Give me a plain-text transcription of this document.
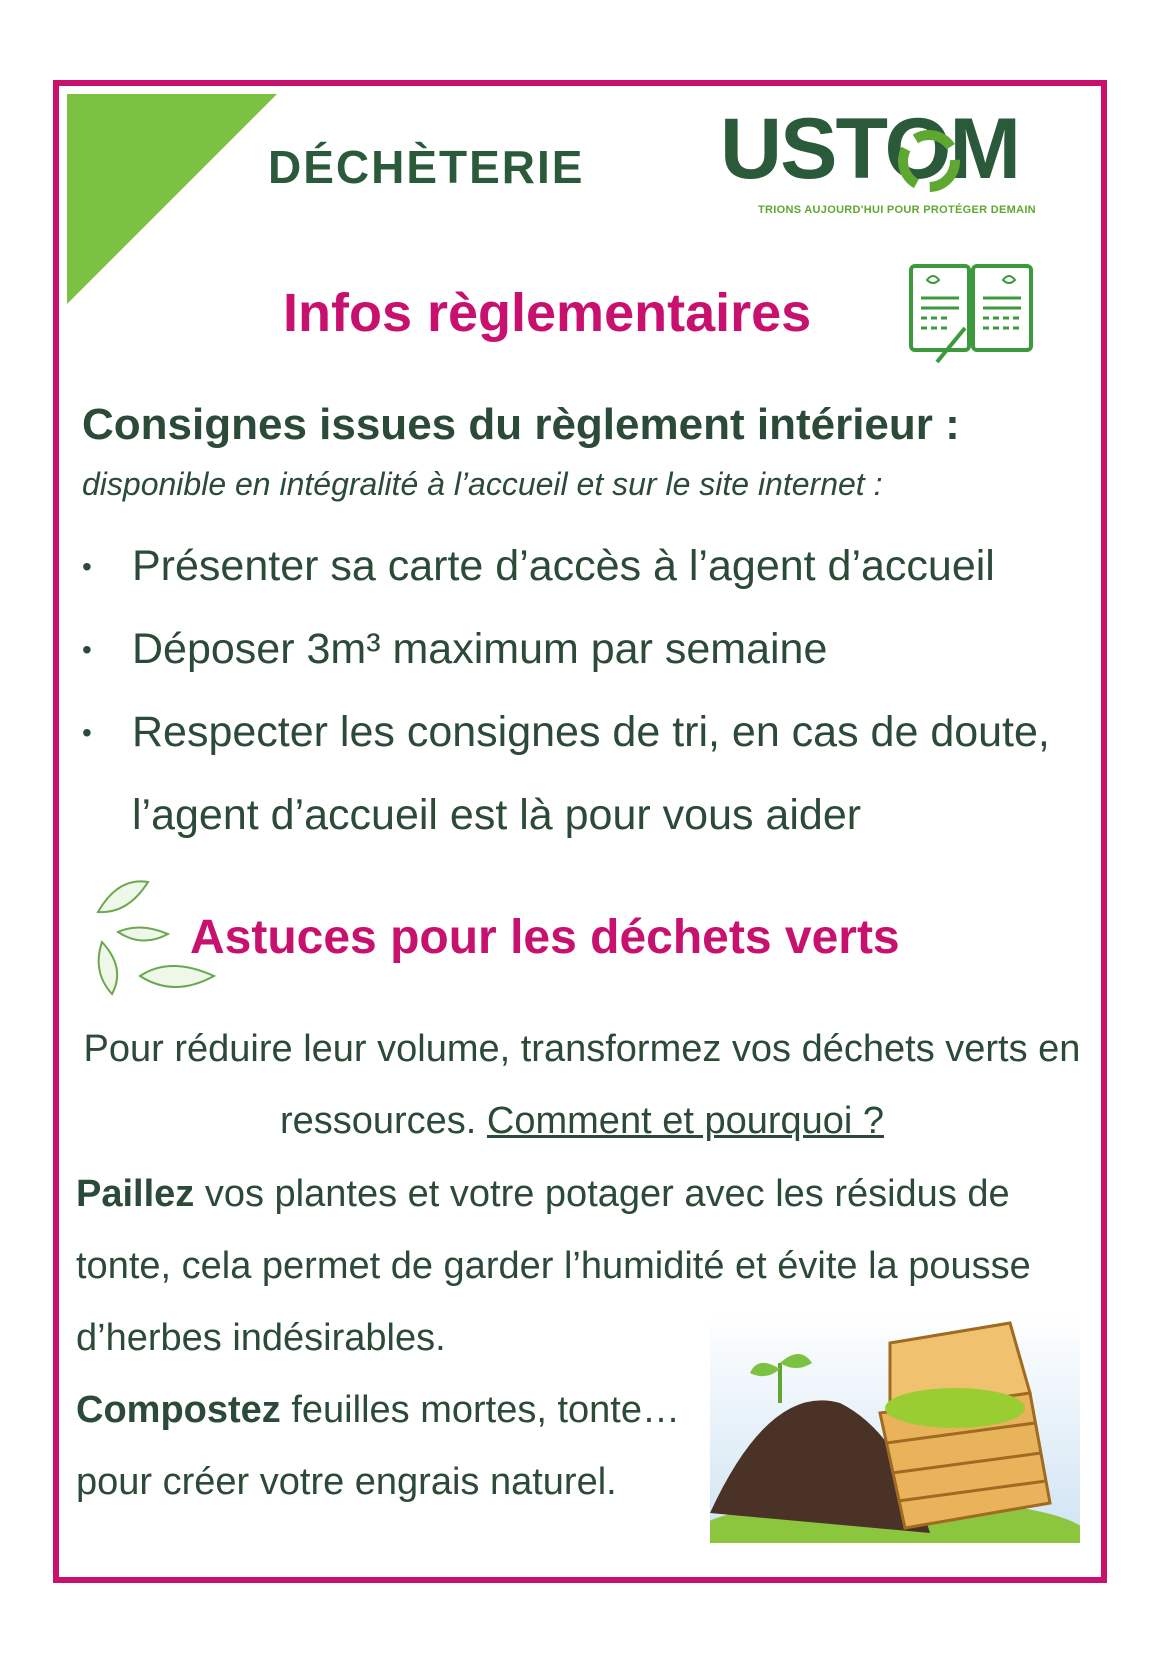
DÉCHÈTERIE USTOM
TRIONS AUJOURD'HUI POUR PROTÉGER DEMAIN
Infos règlementaires
Consignes issues du règlement intérieur :
disponible en intégralité à l’accueil et sur le site internet :
• Présenter sa carte d’accès à l’agent d’accueil
• Déposer 3m³ maximum par semaine
• Respecter les consignes de tri, en cas de doute, l’agent d’accueil est là pour vous aider
Astuces pour les déchets verts
Pour réduire leur volume, transformez vos déchets verts en ressources. Comment et pourquoi ?
Paillez vos plantes et votre potager avec les résidus de tonte, cela permet de garder l’humidité et évite la pousse d’herbes indésirables.
Compostez feuilles mortes, tonte…
pour créer votre engrais naturel.
